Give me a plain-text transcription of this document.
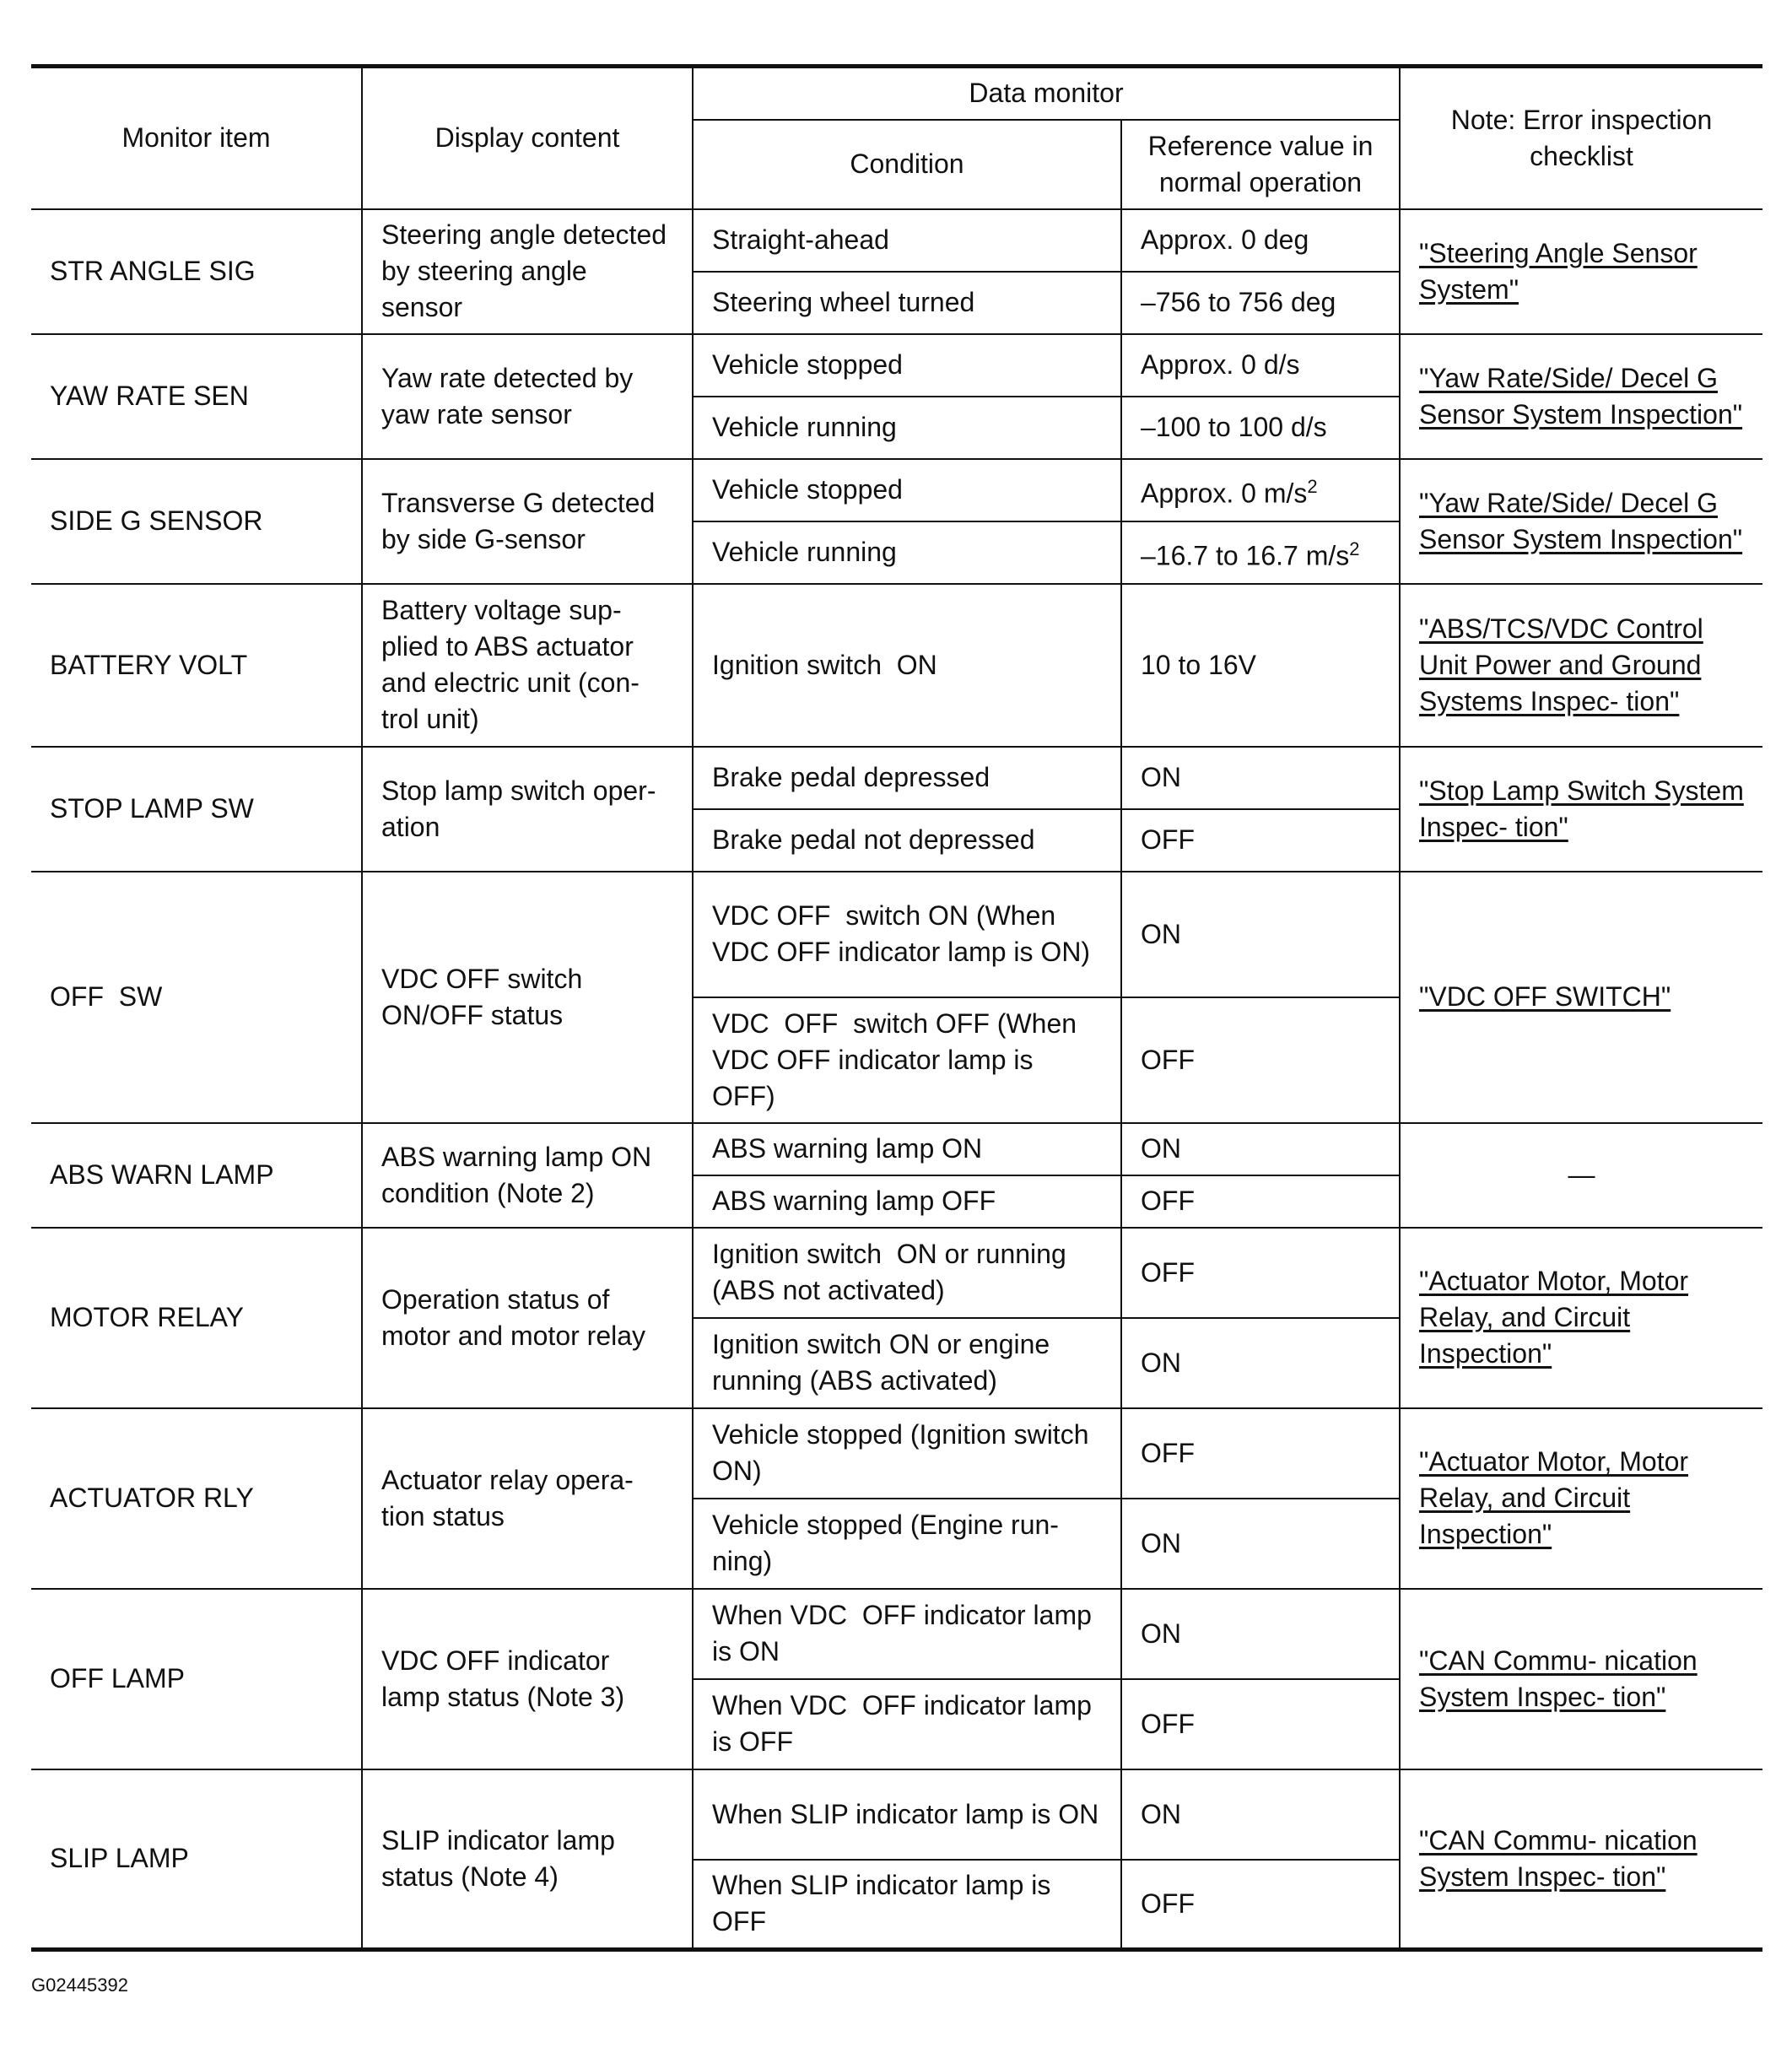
Monitor item	Display content	Data monitor		Note: Error inspection checklist
		Condition	Reference value in normal operation	
STR ANGLE SIG	Steering angle detected by steering angle sensor	Straight-ahead	Approx. 0 deg	"Steering Angle Sensor System"
		Steering wheel turned	–756 to 756 deg	
YAW RATE SEN	Yaw rate detected by yaw rate sensor	Vehicle stopped	Approx. 0 d/s	"Yaw Rate/Side/ Decel G Sensor System Inspection"
		Vehicle running	–100 to 100 d/s	
SIDE G SENSOR	Transverse G detected by side G-sensor	Vehicle stopped	Approx. 0 $m/s^2$	"Yaw Rate/Side/ Decel G Sensor System Inspection"
		Vehicle running	–16.7 to 16.7 $m/s^2$
BATTERY VOLT	Battery voltage sup- plied to ABS actuator and electric unit (con- trol unit)	Ignition switch  ON	10 to 16V	"ABS/TCS/VDC Control Unit Power and Ground Systems Inspec- tion"
STOP LAMP SW	Stop lamp switch oper- ation	Brake pedal depressed	ON	"Stop Lamp Switch System Inspec- tion"
		Brake pedal not depressed	OFF	
OFF  SW	VDC OFF switch ON/OFF status	VDC OFF  switch ON (When VDC OFF indicator lamp is ON)	ON	"VDC OFF SWITCH"
		VDC  OFF  switch OFF (When VDC OFF indicator lamp is OFF)	OFF	
ABS WARN LAMP	ABS warning lamp ON condition (Note 2)	ABS warning lamp ON	ON	—
		ABS warning lamp OFF	OFF	
MOTOR RELAY	Operation status of motor and motor relay	Ignition switch  ON or running (ABS not activated)	OFF	"Actuator Motor, Motor Relay, and Circuit Inspection"
		Ignition switch ON or engine running (ABS activated)	ON	
ACTUATOR RLY	Actuator relay opera- tion status	Vehicle stopped (Ignition switch  ON)	OFF	"Actuator Motor, Motor Relay, and Circuit Inspection"
		Vehicle stopped (Engine run- ning)	ON	
OFF LAMP	VDC OFF indicator lamp status (Note 3)	When VDC  OFF indicator lamp is ON	ON	"CAN Commu- nication System Inspec- tion"
		When VDC  OFF indicator lamp is OFF	OFF	
SLIP LAMP	SLIP indicator lamp status (Note 4)	When SLIP indicator lamp is ON	ON	"CAN Commu- nication System Inspec- tion"
		When SLIP indicator lamp is OFF	OFF	
G02445392
